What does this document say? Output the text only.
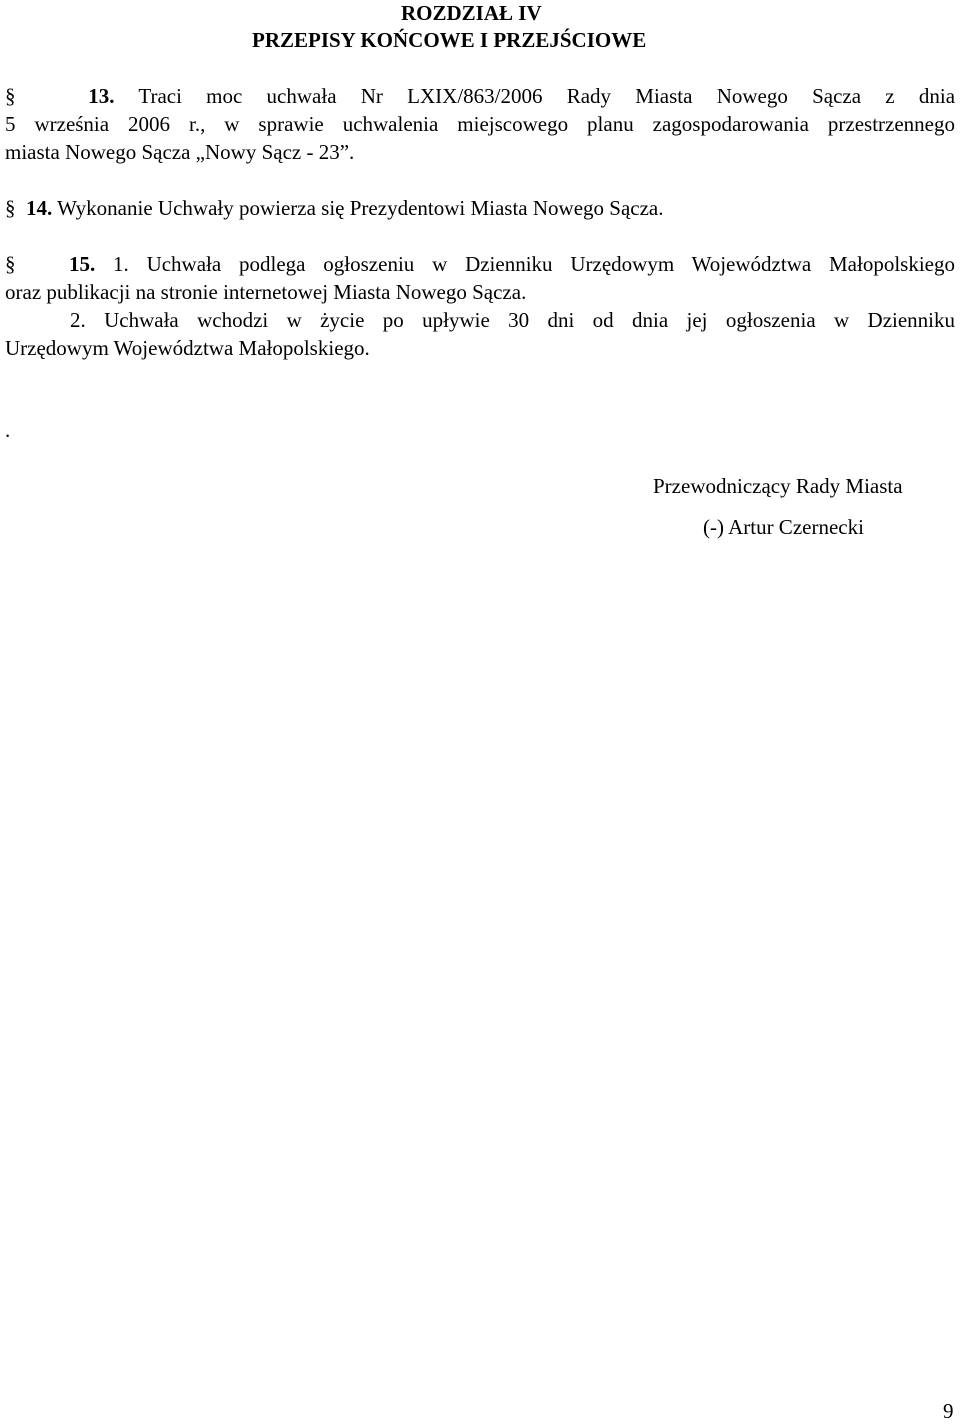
ROZDZIAŁ IV
PRZEPISY KOŃCOWE I PRZEJŚCIOWE
§	13. Traci moc uchwała Nr LXIX/863/2006 Rady Miasta Nowego Sącza z dnia
5 września 2006 r., w sprawie uchwalenia miejscowego planu zagospodarowania przestrzennego
miasta Nowego Sącza „Nowy Sącz - 23”.
§ 14. Wykonanie Uchwały powierza się Prezydentowi Miasta Nowego Sącza.
§	15. 1. Uchwała podlega ogłoszeniu w Dzienniku Urzędowym Województwa Małopolskiego
oraz publikacji na stronie internetowej Miasta Nowego Sącza.
2. Uchwała wchodzi w życie po upływie 30 dni od dnia jej ogłoszenia w Dzienniku
Urzędowym Województwa Małopolskiego.
.
Przewodniczący Rady Miasta
(-) Artur Czernecki
9
